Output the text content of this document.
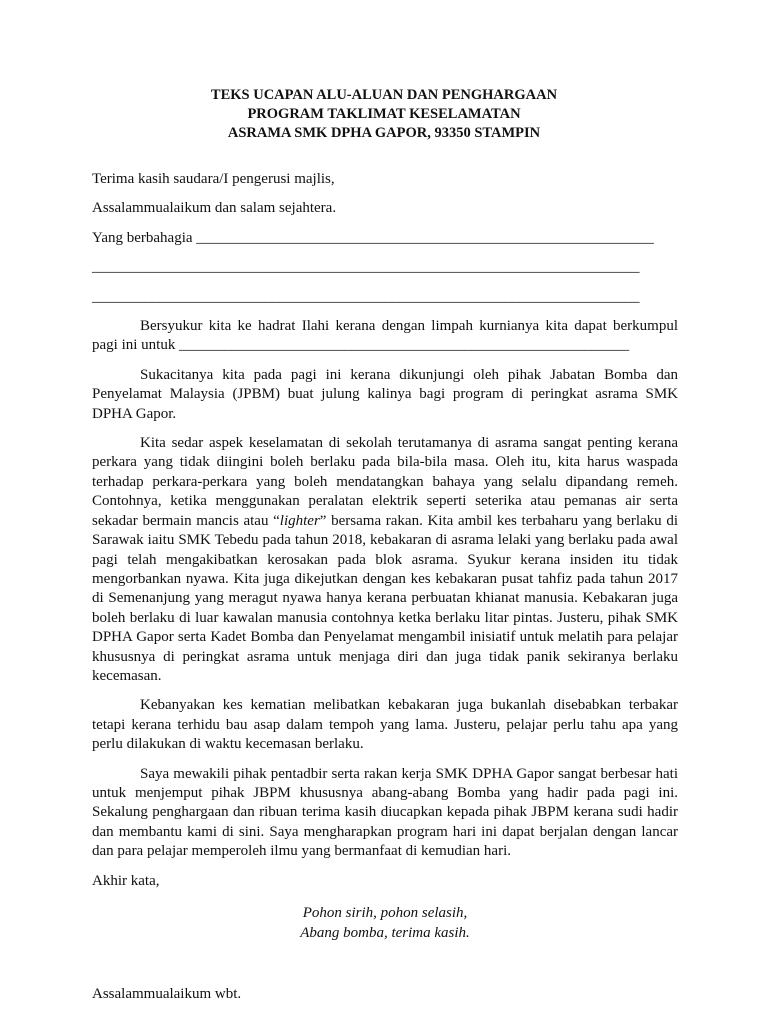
TEKS UCAPAN ALU-ALUAN DAN PENGHARGAAN
PROGRAM TAKLIMAT KESELAMATAN
ASRAMA SMK DPHA GAPOR, 93350 STAMPIN

Terima kasih saudara/I pengerusi majlis,

Assalammualaikum dan salam sejahtera.

Yang berbahagia _____________________________________________________________

_________________________________________________________________________

_________________________________________________________________________

Bersyukur kita ke hadrat Ilahi kerana dengan limpah kurnianya kita dapat berkumpul pagi ini untuk ____________________________________________________________

Sukacitanya kita pada pagi ini kerana dikunjungi oleh pihak Jabatan Bomba dan Penyelamat Malaysia (JPBM) buat julung kalinya bagi program di peringkat asrama SMK DPHA Gapor.

Kita sedar aspek keselamatan di sekolah terutamanya di asrama sangat penting kerana perkara yang tidak diingini boleh berlaku pada bila-bila masa. Oleh itu, kita harus waspada terhadap perkara-perkara yang boleh mendatangkan bahaya yang selalu dipandang remeh. Contohnya, ketika menggunakan peralatan elektrik seperti seterika atau pemanas air serta sekadar bermain mancis atau “lighter” bersama rakan. Kita ambil kes terbaharu yang berlaku di Sarawak iaitu SMK Tebedu pada tahun 2018, kebakaran di asrama lelaki yang berlaku pada awal pagi telah mengakibatkan kerosakan pada blok asrama. Syukur kerana insiden itu tidak mengorbankan nyawa. Kita juga dikejutkan dengan kes kebakaran pusat tahfiz pada tahun 2017 di Semenanjung yang meragut nyawa hanya kerana perbuatan khianat manusia. Kebakaran juga boleh berlaku di luar kawalan manusia contohnya ketka berlaku litar pintas. Justeru, pihak SMK DPHA Gapor serta Kadet Bomba dan Penyelamat mengambil inisiatif untuk melatih para pelajar khususnya di peringkat asrama untuk menjaga diri dan juga tidak panik sekiranya berlaku kecemasan.

Kebanyakan kes kematian melibatkan kebakaran juga bukanlah disebabkan terbakar tetapi kerana terhidu bau asap dalam tempoh yang lama. Justeru, pelajar perlu tahu apa yang perlu dilakukan di waktu kecemasan berlaku.

Saya mewakili pihak pentadbir serta rakan kerja SMK DPHA Gapor sangat berbesar hati untuk menjemput pihak JBPM khususnya abang-abang Bomba yang hadir pada pagi ini. Sekalung penghargaan dan ribuan terima kasih diucapkan kepada pihak JBPM kerana sudi hadir dan membantu kami di sini. Saya mengharapkan program hari ini dapat berjalan dengan lancar dan para pelajar memperoleh ilmu yang bermanfaat di kemudian hari.

Akhir kata,

Pohon sirih, pohon selasih,
Abang bomba, terima kasih.

Assalammualaikum wbt.
